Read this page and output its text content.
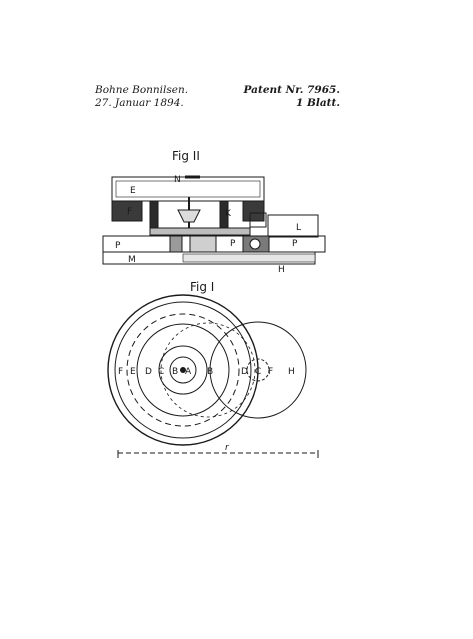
Bohne Bonnilsen.
27. Januar 1894.
Patent Nr. 7965.
1 Blatt.
Fig II
Fig I
N
E
F	K
P
M
P	P
L
H
F E D C B A B	D C F H
r
